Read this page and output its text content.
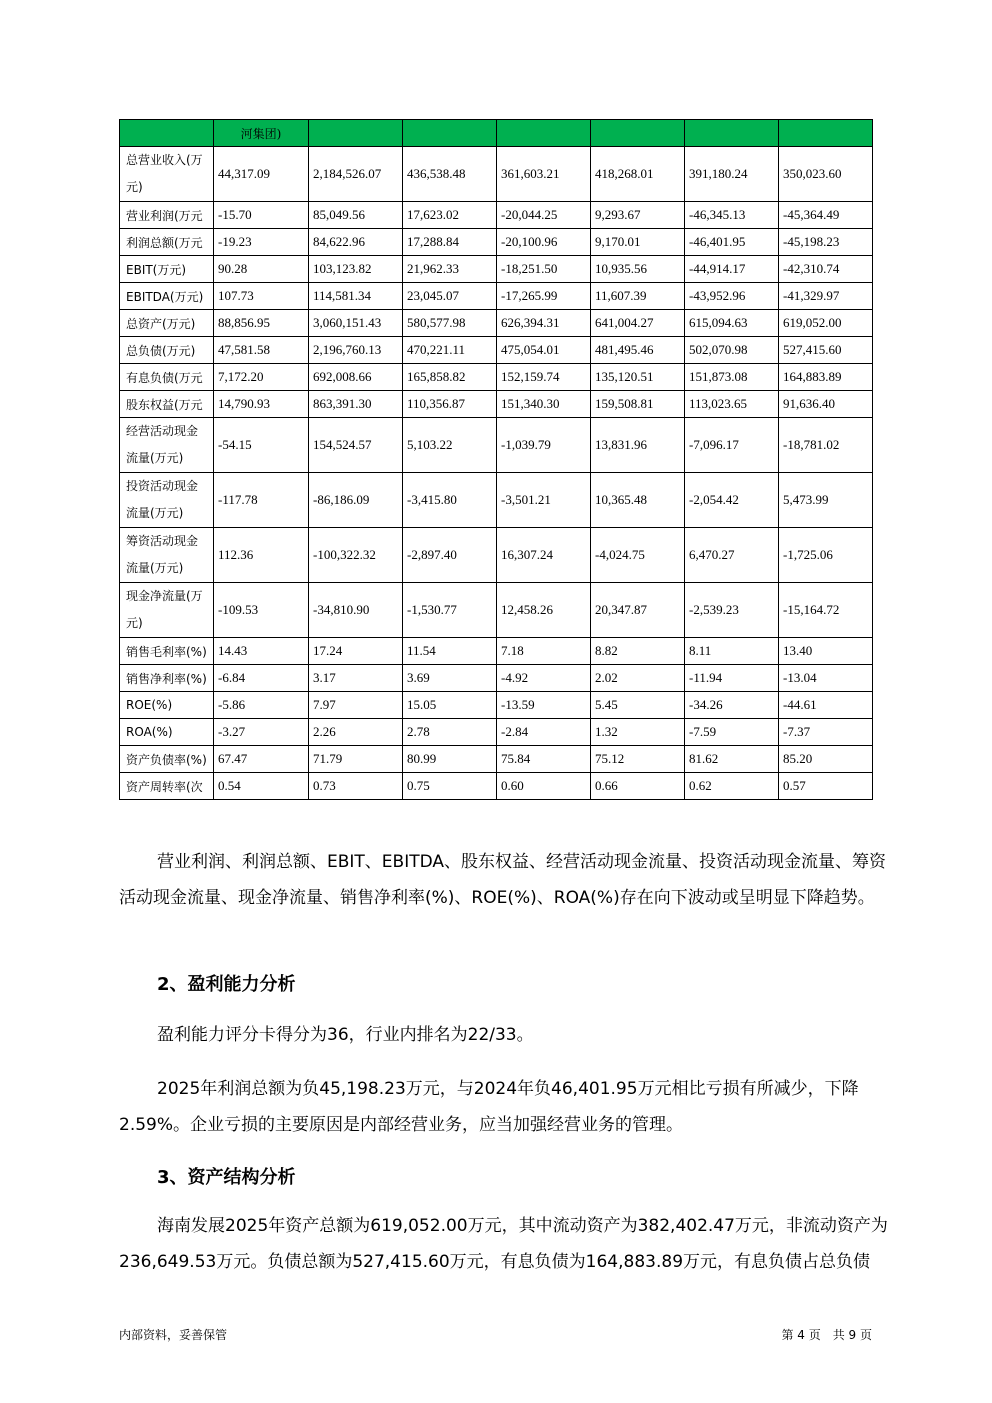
	河集团)						
总营业收入(万元)	44,317.09	2,184,526.07	436,538.48	361,603.21	418,268.01	391,180.24	350,023.60
营业利润(万元	-15.70	85,049.56	17,623.02	-20,044.25	9,293.67	-46,345.13	-45,364.49
利润总额(万元	-19.23	84,622.96	17,288.84	-20,100.96	9,170.01	-46,401.95	-45,198.23
EBIT(万元)	90.28	103,123.82	21,962.33	-18,251.50	10,935.56	-44,914.17	-42,310.74
EBITDA(万元)	107.73	114,581.34	23,045.07	-17,265.99	11,607.39	-43,952.96	-41,329.97
总资产(万元)	88,856.95	3,060,151.43	580,577.98	626,394.31	641,004.27	615,094.63	619,052.00
总负债(万元)	47,581.58	2,196,760.13	470,221.11	475,054.01	481,495.46	502,070.98	527,415.60
有息负债(万元	7,172.20	692,008.66	165,858.82	152,159.74	135,120.51	151,873.08	164,883.89
股东权益(万元	14,790.93	863,391.30	110,356.87	151,340.30	159,508.81	113,023.65	91,636.40
经营活动现金流量(万元)	-54.15	154,524.57	5,103.22	-1,039.79	13,831.96	-7,096.17	-18,781.02
投资活动现金流量(万元)	-117.78	-86,186.09	-3,415.80	-3,501.21	10,365.48	-2,054.42	5,473.99
筹资活动现金流量(万元)	112.36	-100,322.32	-2,897.40	16,307.24	-4,024.75	6,470.27	-1,725.06
现金净流量(万元)	-109.53	-34,810.90	-1,530.77	12,458.26	20,347.87	-2,539.23	-15,164.72
销售毛利率(%)	14.43	17.24	11.54	7.18	8.82	8.11	13.40
销售净利率(%)	-6.84	3.17	3.69	-4.92	2.02	-11.94	-13.04
ROE(%)	-5.86	7.97	15.05	-13.59	5.45	-34.26	-44.61
ROA(%)	-3.27	2.26	2.78	-2.84	1.32	-7.59	-7.37
资产负债率(%)	67.47	71.79	80.99	75.84	75.12	81.62	85.20
资产周转率(次	0.54	0.73	0.75	0.60	0.66	0.62	0.57

营业利润、利润总额、EBIT、EBITDA、股东权益、经营活动现金流量、投资活动现金流量、筹资活动现金流量、现金净流量、销售净利率(%)、ROE(%)、ROA(%)存在向下波动或呈明显下降趋势。

2、盈利能力分析

盈利能力评分卡得分为36，行业内排名为22/33。

2025年利润总额为负45,198.23万元，与2024年负46,401.95万元相比亏损有所减少，下降2.59%。企业亏损的主要原因是内部经营业务，应当加强经营业务的管理。

3、资产结构分析

海南发展2025年资产总额为619,052.00万元，其中流动资产为382,402.47万元，非流动资产为236,649.53万元。负债总额为527,415.60万元，有息负债为164,883.89万元，有息负债占总负债

内部资料，妥善保管	第 4 页　共 9 页
